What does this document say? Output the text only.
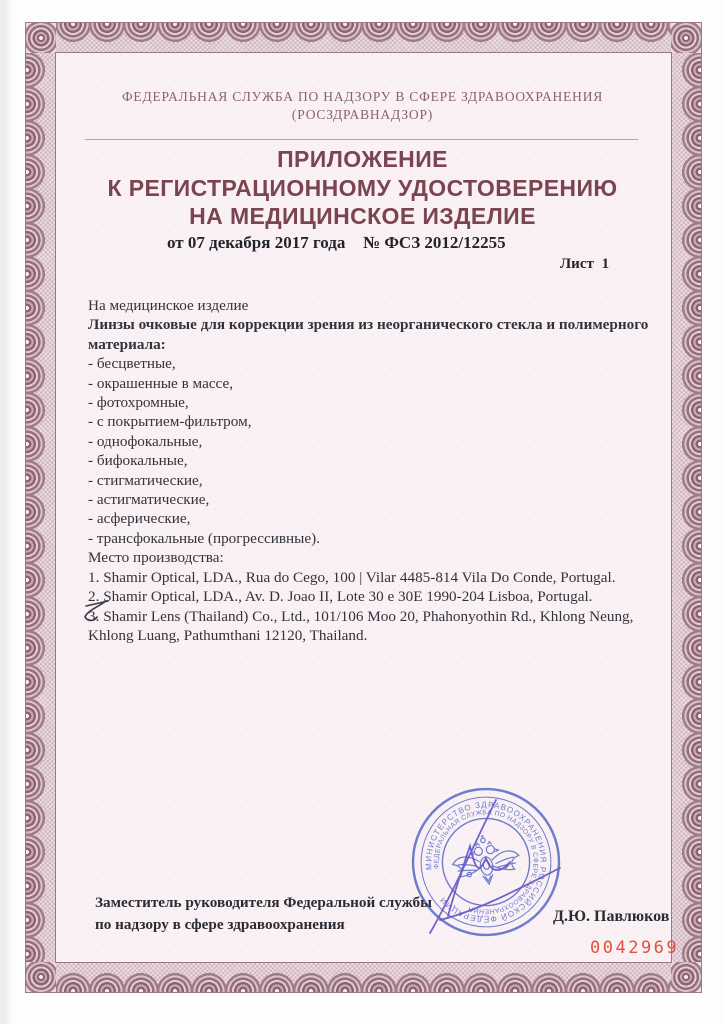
ФЕДЕРАЛЬНАЯ СЛУЖБА ПО НАДЗОРУ В СФЕРЕ ЗДРАВООХРАНЕНИЯ
(РОСЗДРАВНАДЗОР)
ПРИЛОЖЕНИЕ
К РЕГИСТРАЦИОННОМУ УДОСТОВЕРЕНИЮ
НА МЕДИЦИНСКОЕ ИЗДЕЛИЕ
от 07 декабря 2017 года № ФСЗ 2012/12255
Лист 1
На медицинское изделие
Линзы очковые для коррекции зрения из неорганического стекла и полимерного материала:
- бесцветные,
- окрашенные в массе,
- фотохромные,
- с покрытием-фильтром,
- однофокальные,
- бифокальные,
- стигматические,
- астигматические,
- асферические,
- трансфокальные (прогрессивные).
Место производства:
1. Shamir Optical, LDA., Rua do Cego, 100 | Vilar 4485-814 Vila Do Conde, Portugal.
2. Shamir Optical, LDA., Av. D. Joao II, Lote 30 e 30E 1990-204 Lisboa, Portugal.
3. Shamir Lens (Thailand) Co., Ltd., 101/106 Moo 20, Phahonyothin Rd., Khlong Neung, Khlong Luang, Pathumthani 12120, Thailand.
МИНИСТЕРСТВО ЗДРАВООХРАНЕНИЯ РОССИЙСКОЙ ФЕДЕРАЦИИ
ФЕДЕРАЛЬНАЯ СЛУЖБА ПО НАДЗОРУ В СФЕРЕ ЗДРАВООХРАНЕНИЯ
Заместитель руководителя Федеральной службы
по надзору в сфере здравоохранения	Д.Ю. Павлюков
0042969
